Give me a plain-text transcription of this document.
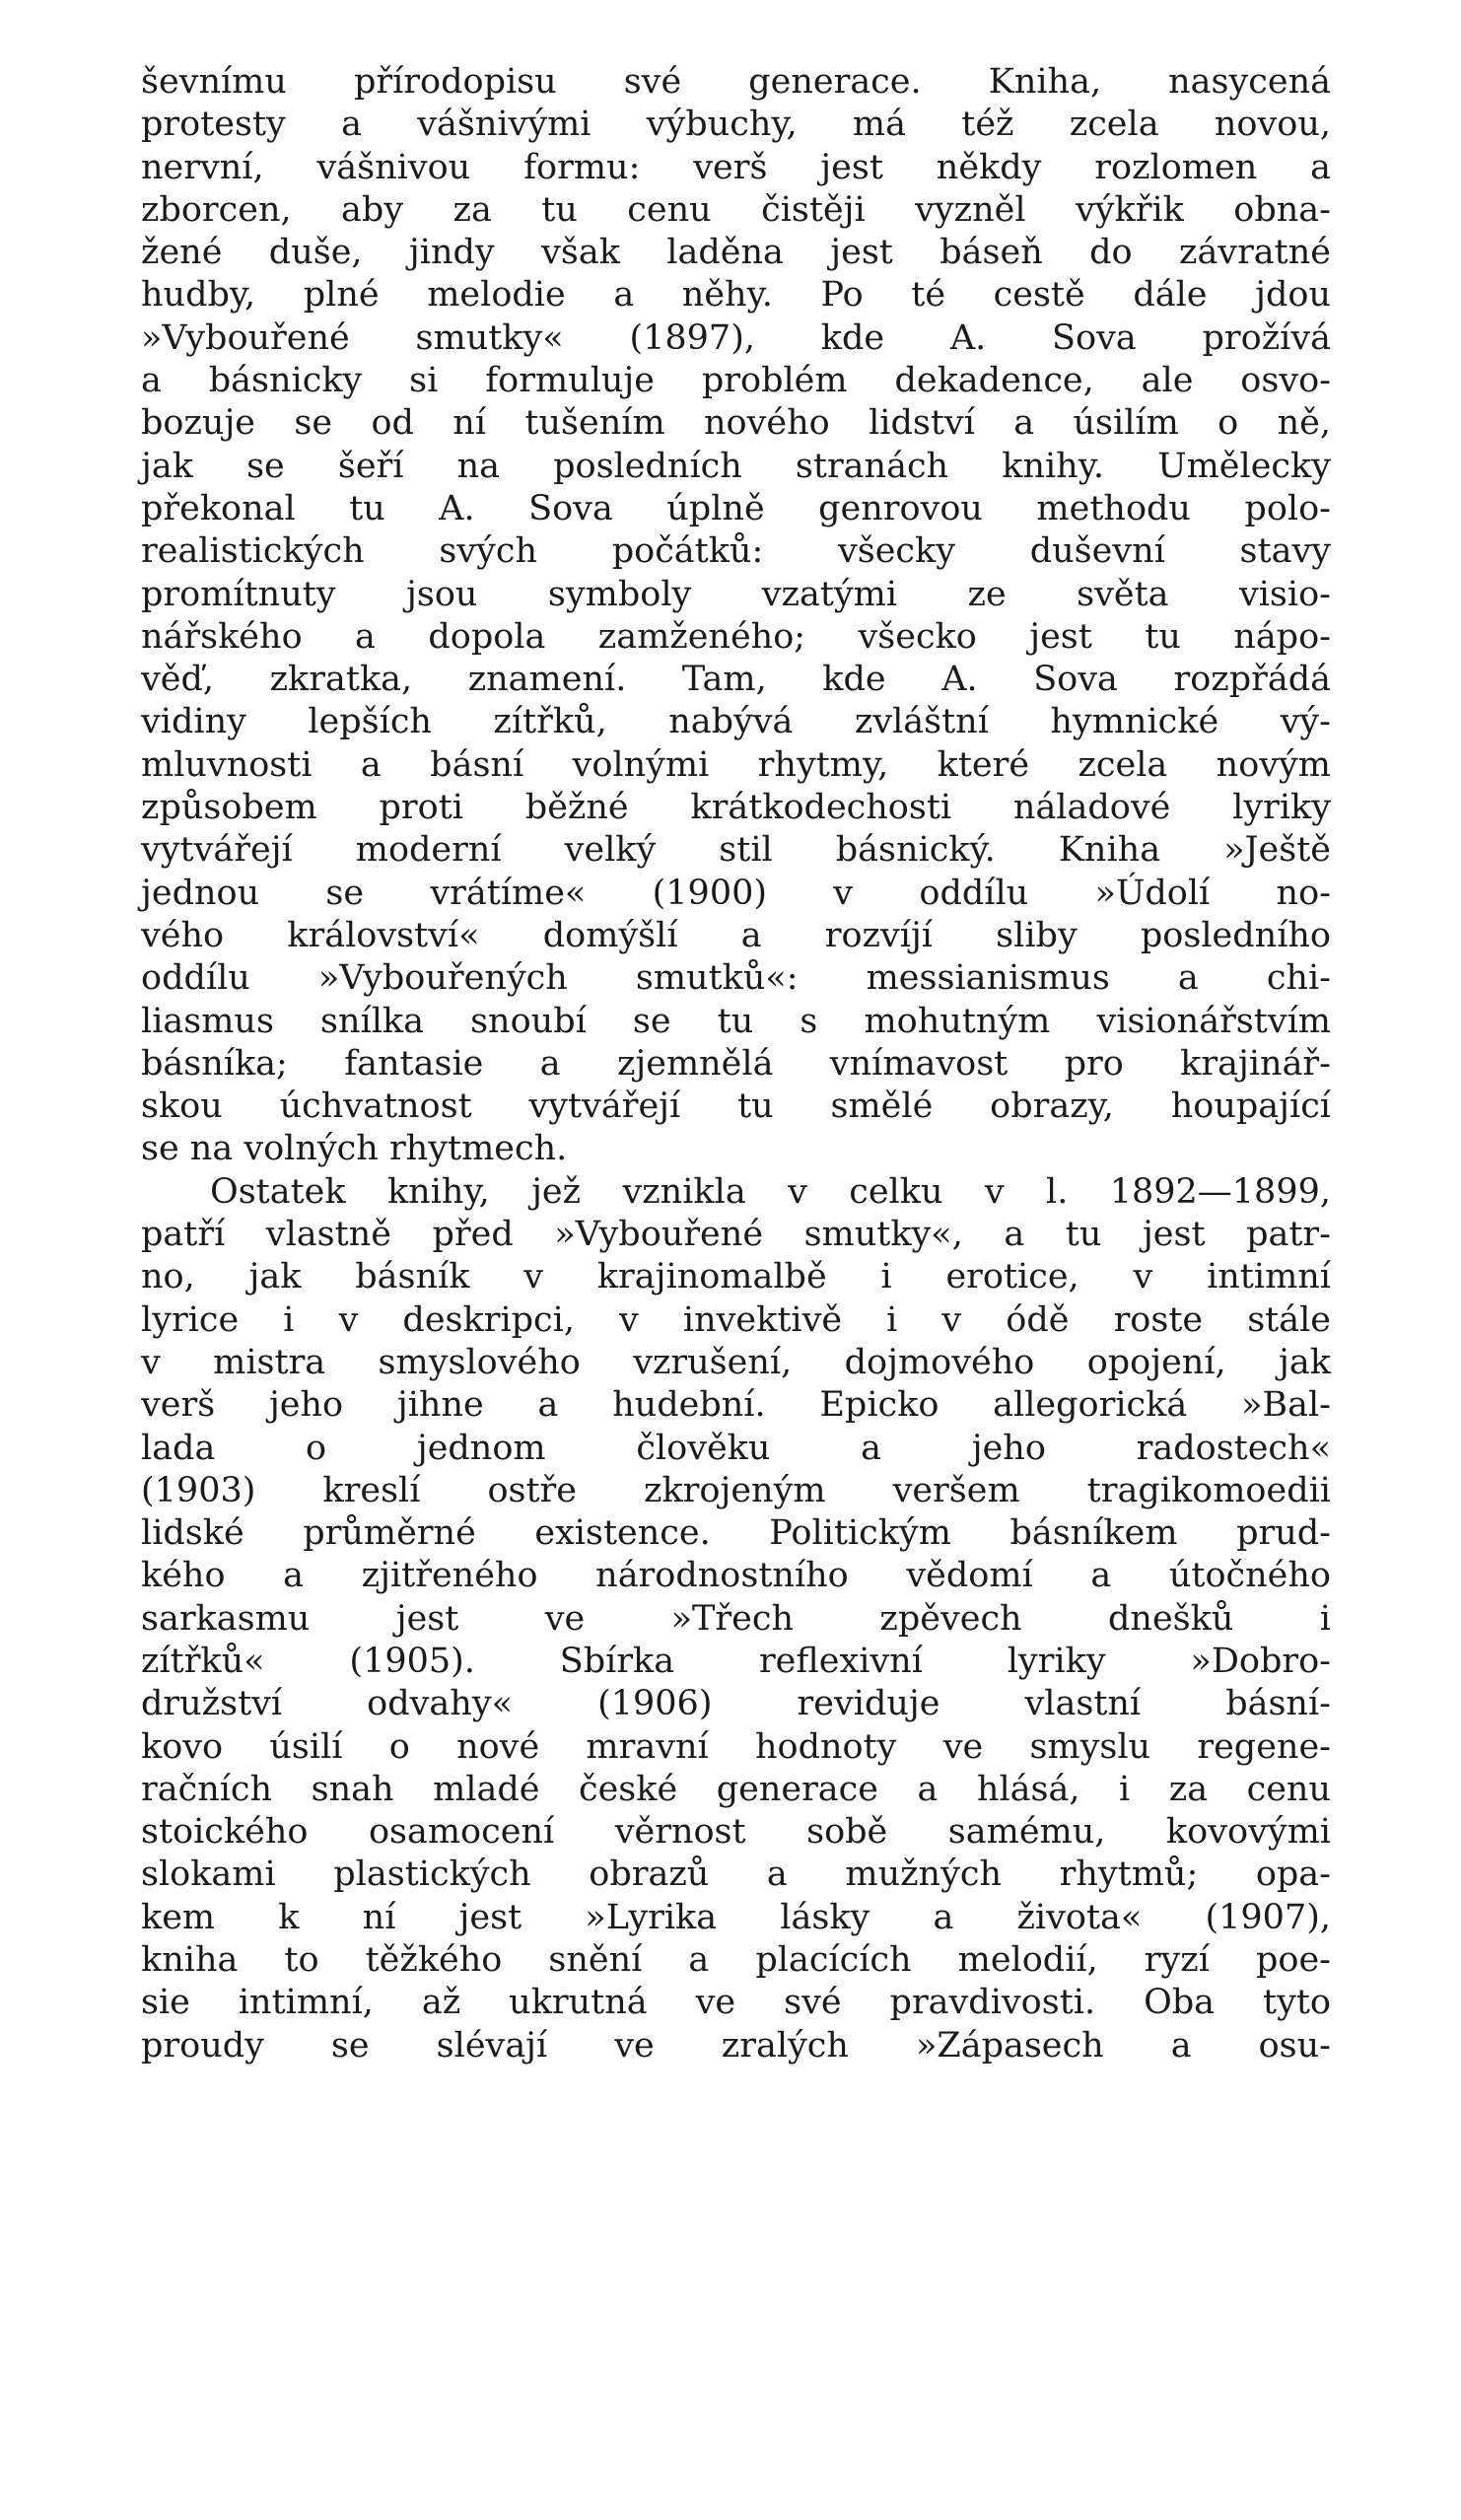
ševnímu přírodopisu své generace. Kniha, nasycená
protesty a vášnivými výbuchy, má též zcela novou,
nervní, vášnivou formu: verš jest někdy rozlomen a
zborcen, aby za tu cenu čistěji vyzněl výkřik obna-
žené duše, jindy však laděna jest báseň do závratné
hudby, plné melodie a něhy. Po té cestě dále jdou
»Vybouřené smutky« (1897), kde A. Sova prožívá
a básnicky si formuluje problém dekadence, ale osvo-
bozuje se od ní tušením nového lidství a úsilím o ně,
jak se šeří na posledních stranách knihy. Umělecky
překonal tu A. Sova úplně genrovou methodu polo-
realistických svých počátků: všecky duševní stavy
promítnuty jsou symboly vzatými ze světa visio-
nářského a dopola zamženého; všecko jest tu nápo-
věď, zkratka, znamení. Tam, kde A. Sova rozpřádá
vidiny lepších zítřků, nabývá zvláštní hymnické vý-
mluvnosti a básní volnými rhytmy, které zcela novým
způsobem proti běžné krátkodechosti náladové lyriky
vytvářejí moderní velký stil básnický. Kniha »Ještě
jednou se vrátíme« (1900) v oddílu »Údolí no-
vého království« domýšlí a rozvíjí sliby posledního
oddílu »Vybouřených smutků«: messianismus a chi-
liasmus snílka snoubí se tu s mohutným visionářstvím
básníka; fantasie a zjemnělá vnímavost pro krajinář-
skou úchvatnost vytvářejí tu smělé obrazy, houpající
se na volných rhytmech.
Ostatek knihy, jež vznikla v celku v l. 1892—1899,
patří vlastně před »Vybouřené smutky«, a tu jest patr-
no, jak básník v krajinomalbě i erotice, v intimní
lyrice i v deskripci, v invektivě i v ódě roste stále
v mistra smyslového vzrušení, dojmového opojení, jak
verš jeho jihne a hudební. Epicko allegorická »Bal-
lada o jednom člověku a jeho radostech«
(1903) kreslí ostře zkrojeným veršem tragikomoedii
lidské průměrné existence. Politickým básníkem prud-
kého a zjitřeného národnostního vědomí a útočného
sarkasmu jest ve »Třech zpěvech dnešků i
zítřků« (1905). Sbírka reflexivní lyriky »Dobro-
družství odvahy« (1906) reviduje vlastní básní-
kovo úsilí o nové mravní hodnoty ve smyslu regene-
račních snah mladé české generace a hlásá, i za cenu
stoického osamocení věrnost sobě samému, kovovými
slokami plastických obrazů a mužných rhytmů; opa-
kem k ní jest »Lyrika lásky a života« (1907),
kniha to těžkého snění a placících melodií, ryzí poe-
sie intimní, až ukrutná ve své pravdivosti. Oba tyto
proudy se slévají ve zralých »Zápasech a osu-
